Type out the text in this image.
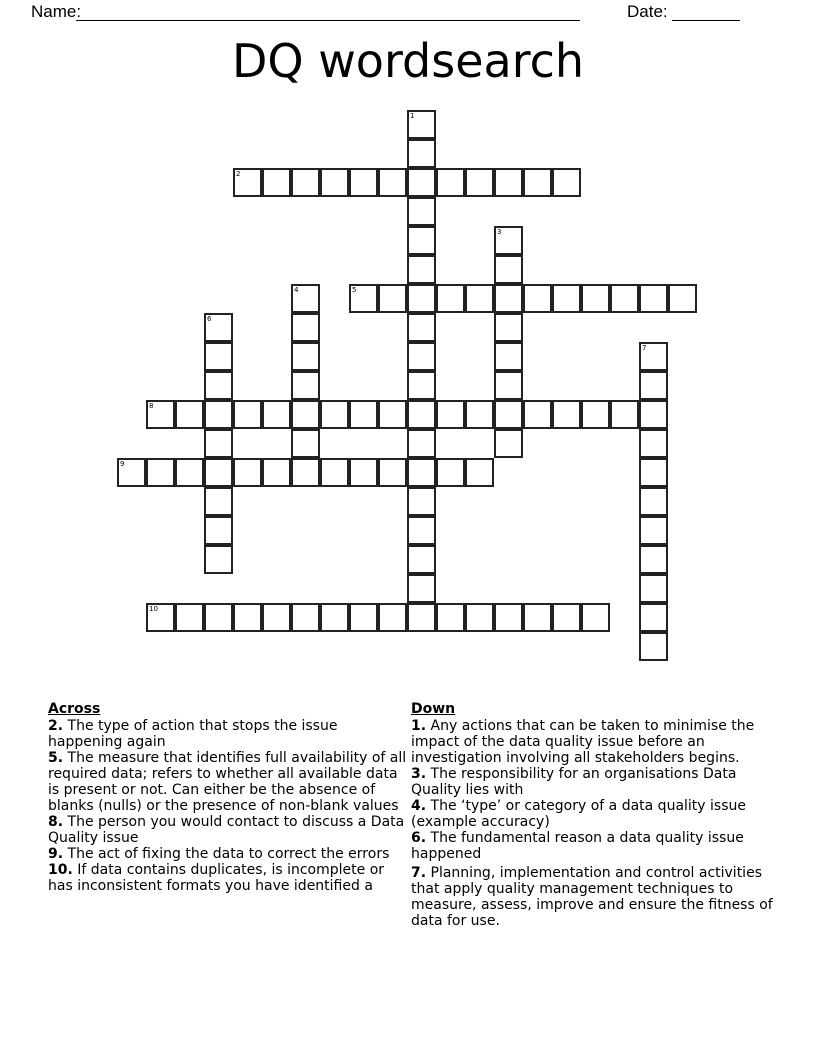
Name:	Date:
DQ wordsearch
2
5
8
9
10
1
3
4
6
7
Across
2. The type of action that stops the issue happening again
5. The measure that identifies full availability of all required data; refers to whether all available data is present or not. Can either be the absence of blanks (nulls) or the presence of non-blank values
8. The person you would contact to discuss a Data Quality issue
9. The act of fixing the data to correct the errors
10. If data contains duplicates, is incomplete or has inconsistent formats you have identified a
Down
1. Any actions that can be taken to minimise the impact of the data quality issue before an investigation involving all stakeholders begins.
3. The responsibility for an organisations Data Quality lies with
4. The ‘type’ or category of a data quality issue (example accuracy)
6. The fundamental reason a data quality issue happened
7. Planning, implementation and control activities that apply quality management techniques to measure, assess, improve and ensure the fitness of data for use.
